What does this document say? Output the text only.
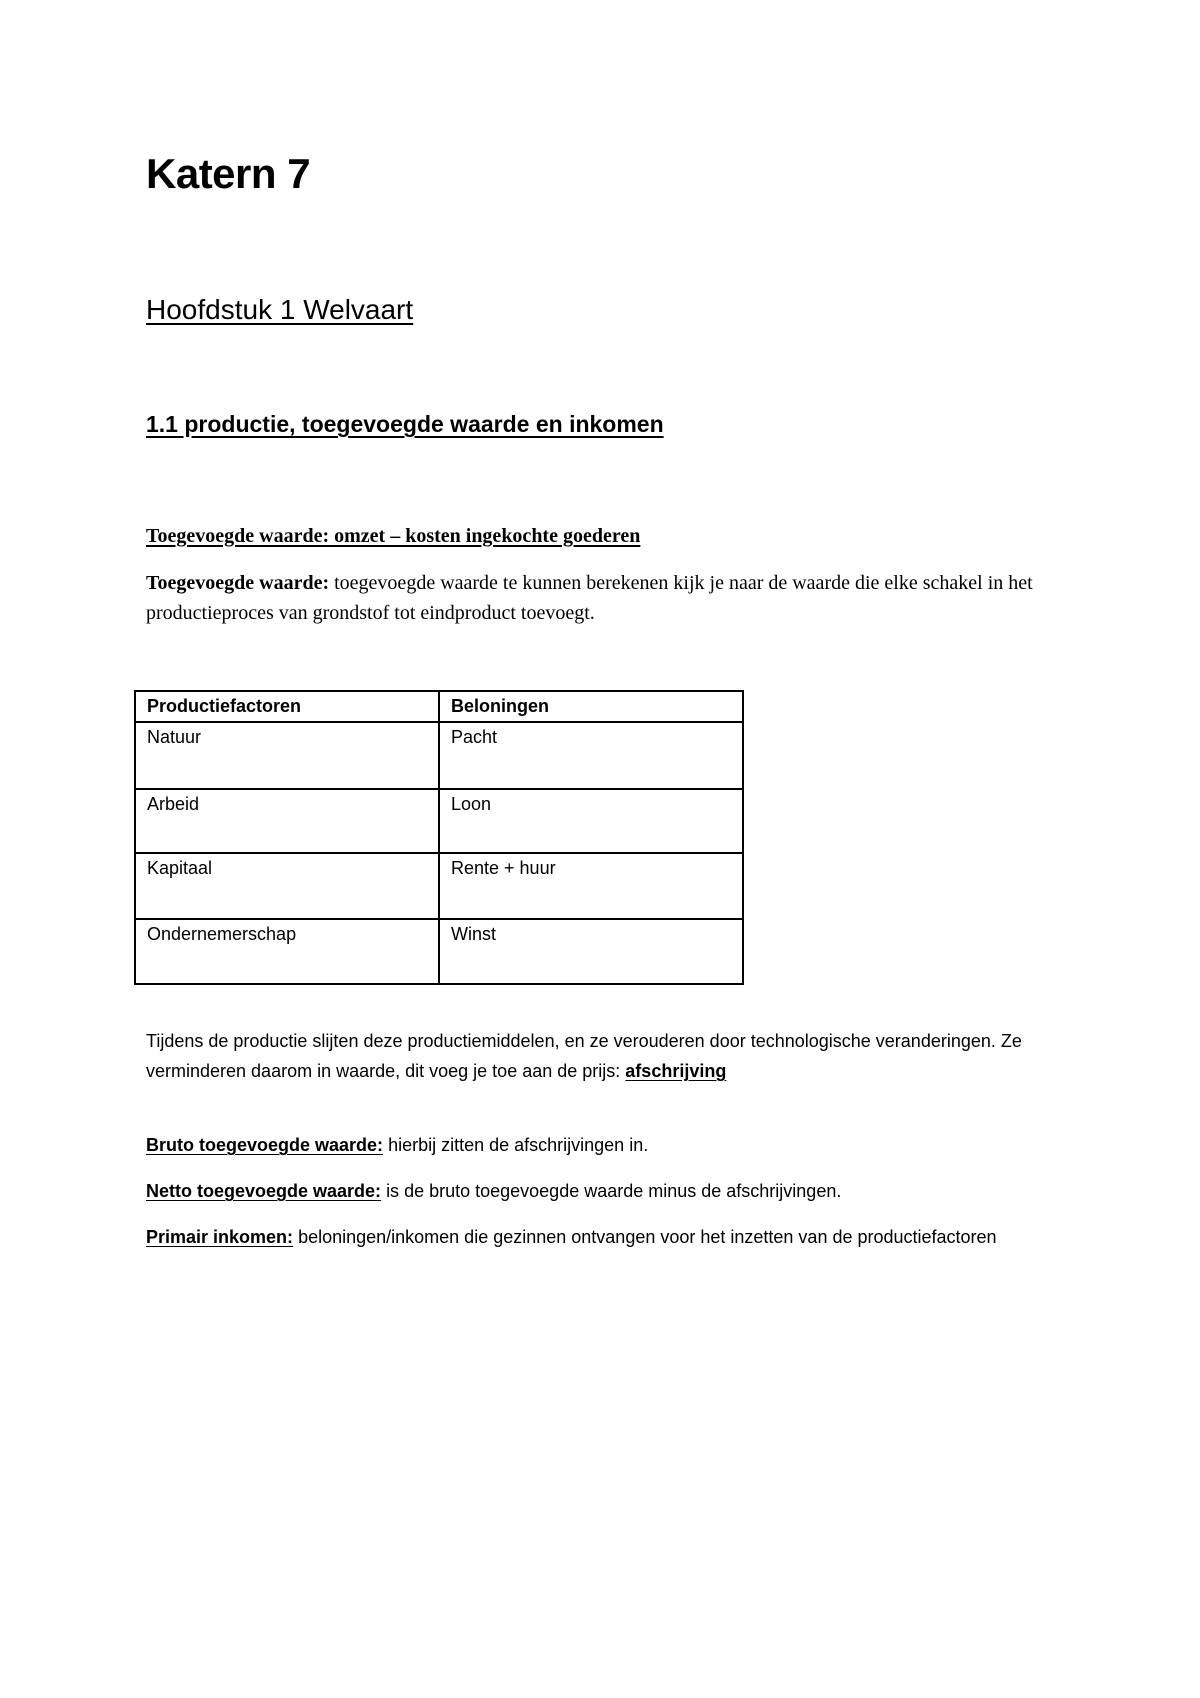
Katern 7
Hoofdstuk 1 Welvaart
1.1 productie, toegevoegde waarde en inkomen
Toegevoegde waarde: omzet – kosten ingekochte goederen
Toegevoegde waarde: toegevoegde waarde te kunnen berekenen kijk je naar de waarde die elke schakel in het productieproces van grondstof tot eindproduct toevoegt.
Productiefactoren	Beloningen
Natuur	Pacht
Arbeid	Loon
Kapitaal	Rente + huur
Ondernemerschap	Winst
Tijdens de productie slijten deze productiemiddelen, en ze verouderen door technologische veranderingen. Ze verminderen daarom in waarde, dit voeg je toe aan de prijs: afschrijving
Bruto toegevoegde waarde: hierbij zitten de afschrijvingen in.
Netto toegevoegde waarde: is de bruto toegevoegde waarde minus de afschrijvingen.
Primair inkomen: beloningen/inkomen die gezinnen ontvangen voor het inzetten van de productiefactoren
